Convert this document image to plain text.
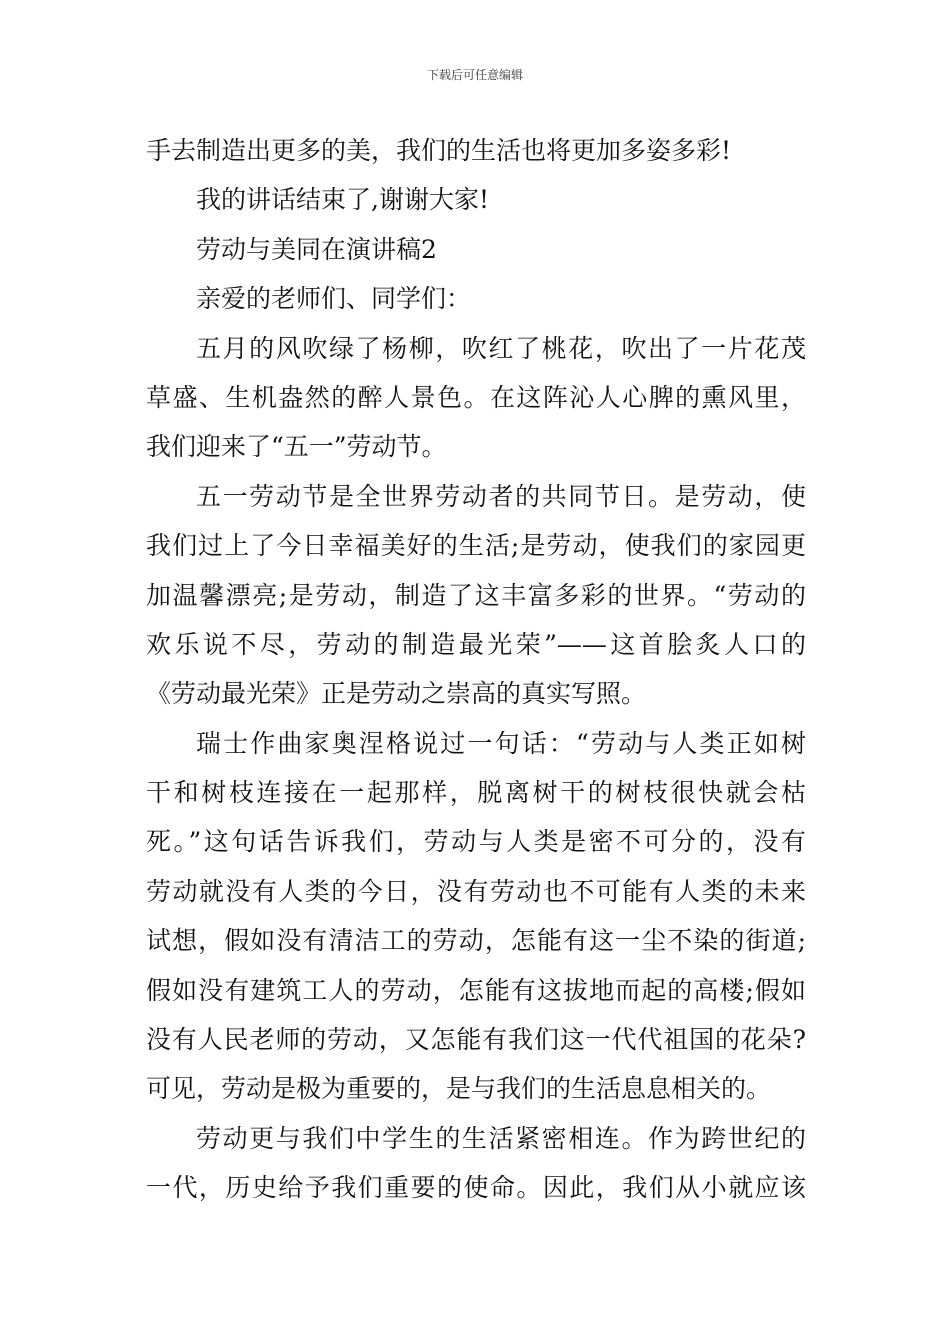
下载后可任意编辑
手去制造出更多的美，我们的生活也将更加多姿多彩!
我的讲话结束了,谢谢大家!
劳动与美同在演讲稿2
亲爱的老师们、同学们：
五月的风吹绿了杨柳，吹红了桃花，吹出了一片花茂
草盛、生机盎然的醉人景色。在这阵沁人心脾的熏风里，
我们迎来了“五一”劳动节。
五一劳动节是全世界劳动者的共同节日。是劳动，使
我们过上了今日幸福美好的生活;是劳动，使我们的家园更
加温馨漂亮;是劳动，制造了这丰富多彩的世界。“劳动的
欢乐说不尽，劳动的制造最光荣”——这首脍炙人口的
《劳动最光荣》正是劳动之崇高的真实写照。
瑞士作曲家奥涅格说过一句话：“劳动与人类正如树
干和树枝连接在一起那样，脱离树干的树枝很快就会枯
死。”这句话告诉我们，劳动与人类是密不可分的，没有
劳动就没有人类的今日，没有劳动也不可能有人类的未来
试想，假如没有清洁工的劳动，怎能有这一尘不染的街道;
假如没有建筑工人的劳动，怎能有这拔地而起的高楼;假如
没有人民老师的劳动，又怎能有我们这一代代祖国的花朵?
可见，劳动是极为重要的，是与我们的生活息息相关的。
劳动更与我们中学生的生活紧密相连。作为跨世纪的
一代，历史给予我们重要的使命。因此，我们从小就应该
